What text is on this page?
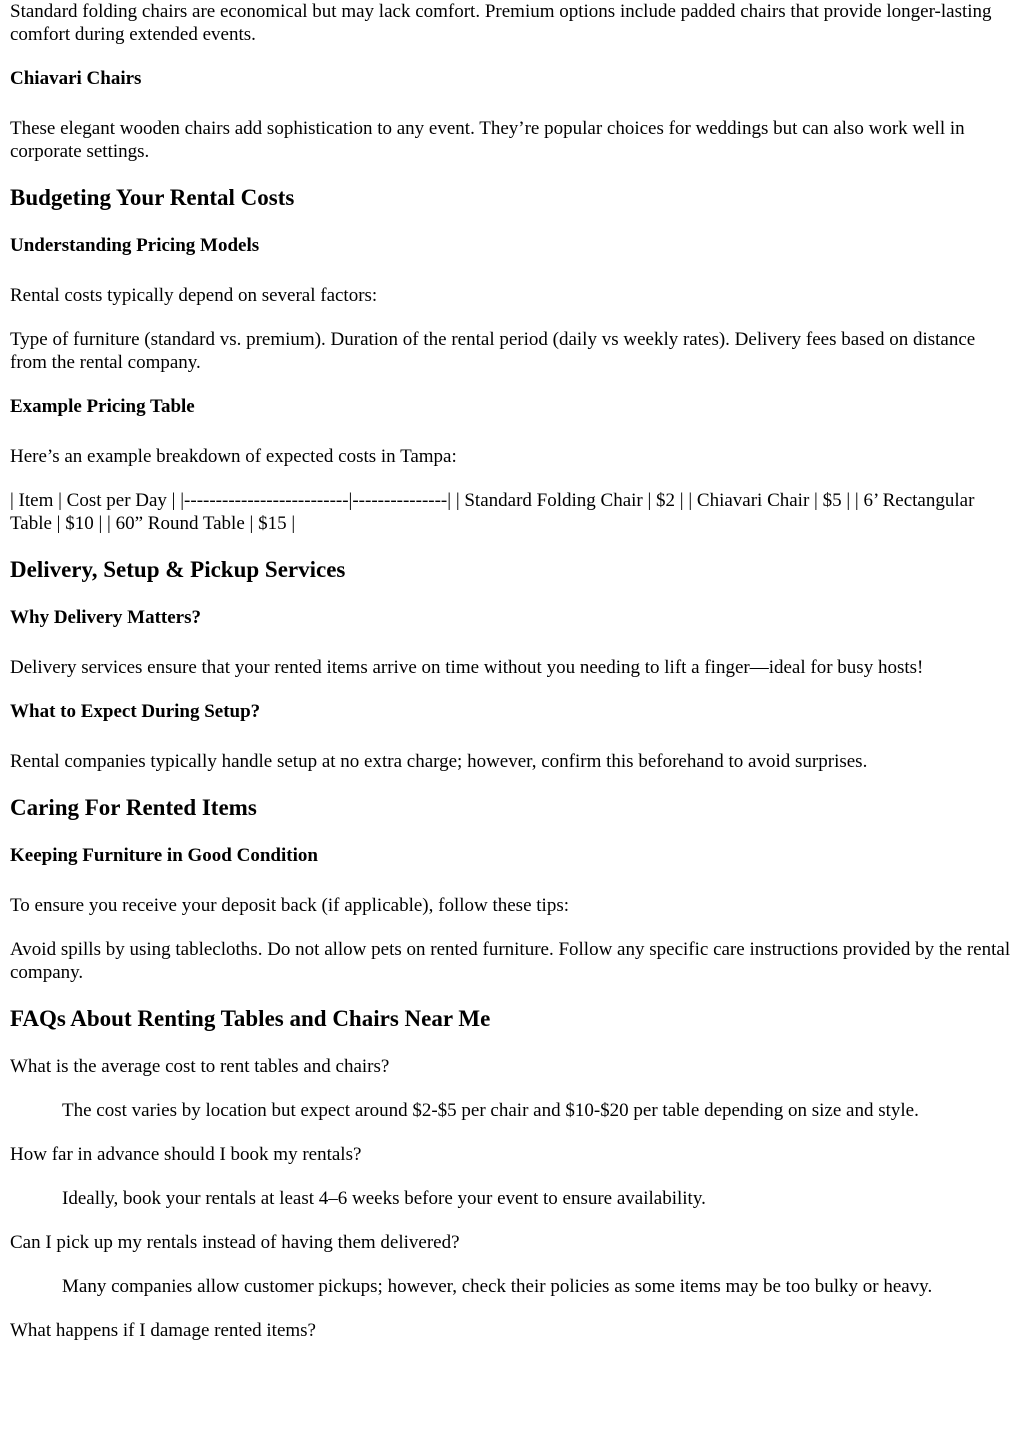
Standard folding chairs are economical but may lack comfort. Premium options include padded chairs that provide longer-lasting comfort during extended events.

Chiavari Chairs

These elegant wooden chairs add sophistication to any event. They’re popular choices for weddings but can also work well in corporate settings.

Budgeting Your Rental Costs
Understanding Pricing Models

Rental costs typically depend on several factors:

Type of furniture (standard vs. premium). Duration of the rental period (daily vs weekly rates). Delivery fees based on distance from the rental company.

Example Pricing Table

Here’s an example breakdown of expected costs in Tampa:

| Item | Cost per Day | |--------------------------|---------------| | Standard Folding Chair | $2 | | Chiavari Chair | $5 | | 6’ Rectangular Table | $10 | | 60” Round Table | $15 |

Delivery, Setup & Pickup Services
Why Delivery Matters?

Delivery services ensure that your rented items arrive on time without you needing to lift a finger—ideal for busy hosts!

What to Expect During Setup?

Rental companies typically handle setup at no extra charge; however, confirm this beforehand to avoid surprises.

Caring For Rented Items
Keeping Furniture in Good Condition

To ensure you receive your deposit back (if applicable), follow these tips:

Avoid spills by using tablecloths. Do not allow pets on rented furniture. Follow any specific care instructions provided by the rental company.

FAQs About Renting Tables and Chairs Near Me
What is the average cost to rent tables and chairs?
The cost varies by location but expect around $2-$5 per chair and $10-$20 per table depending on size and style.
How far in advance should I book my rentals?
Ideally, book your rentals at least 4–6 weeks before your event to ensure availability.
Can I pick up my rentals instead of having them delivered?
Many companies allow customer pickups; however, check their policies as some items may be too bulky or heavy.
What happens if I damage rented items?
